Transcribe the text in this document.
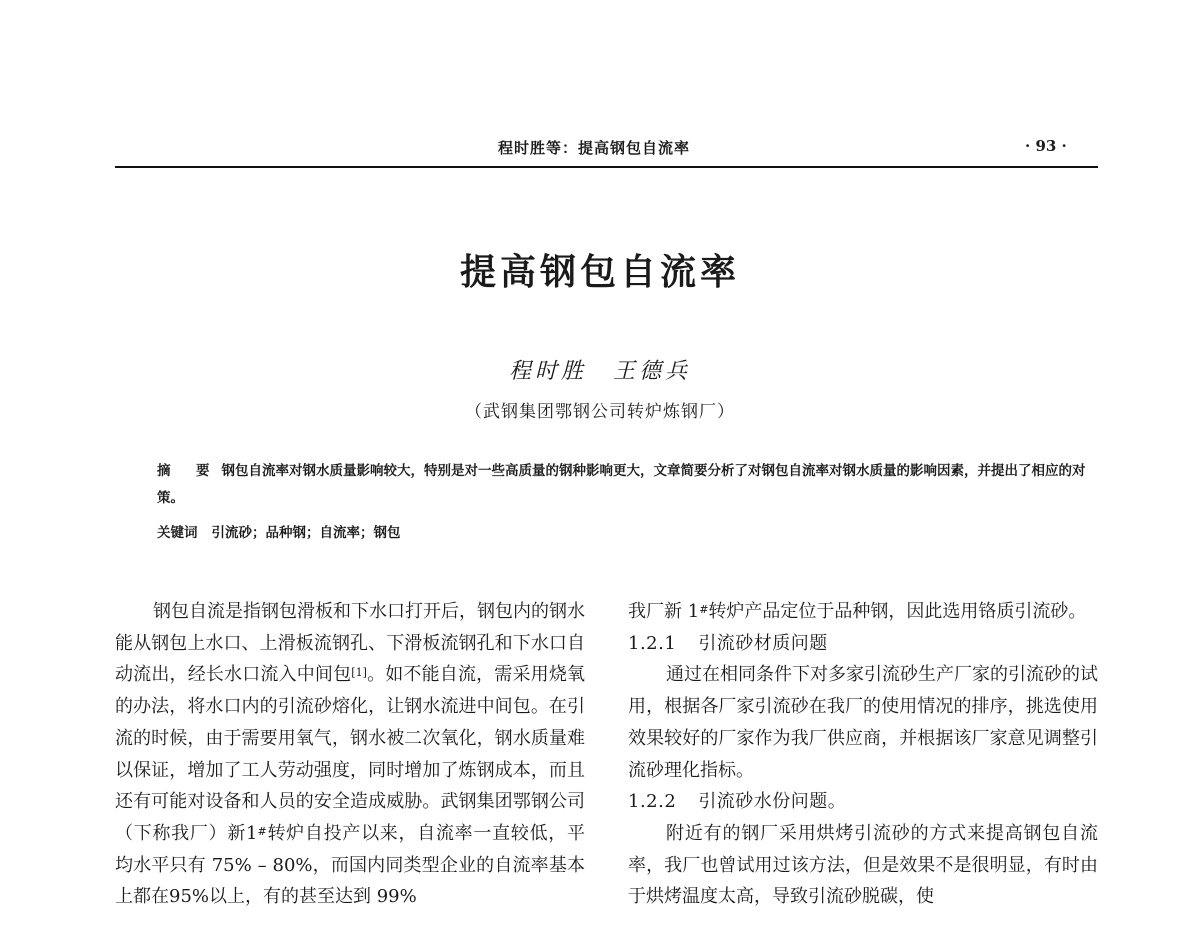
程时胜等：提高钢包自流率	· 93 ·
提高钢包自流率
程时胜　王德兵
（武钢集团鄂钢公司转炉炼钢厂）
摘　要 钢包自流率对钢水质量影响较大，特别是对一些高质量的钢种影响更大，文章简要分析了对钢包自流率对钢水质量的影响因素，并提出了相应的对策。
关键词 引流砂；品种钢；自流率；钢包

钢包自流是指钢包滑板和下水口打开后，钢包内的钢水能从钢包上水口、上滑板流钢孔、下滑板流钢孔和下水口自动流出，经长水口流入中间包[1]。如不能自流，需采用烧氧的办法，将水口内的引流砂熔化，让钢水流进中间包。在引流的时候，由于需要用氧气，钢水被二次氧化，钢水质量难以保证，增加了工人劳动强度，同时增加了炼钢成本，而且还有可能对设备和人员的安全造成威胁。武钢集团鄂钢公司（下称我厂）新1#转炉自投产以来，自流率一直较低，平均水平只有 75% – 80%，而国内同类型企业的自流率基本上都在95%以上，有的甚至达到 99%

我厂新 1#转炉产品定位于品种钢，因此选用铬质引流砂。

1.2.1 引流砂材质问题

通过在相同条件下对多家引流砂生产厂家的引流砂的试用，根据各厂家引流砂在我厂的使用情况的排序，挑选使用效果较好的厂家作为我厂供应商，并根据该厂家意见调整引流砂理化指标。

1.2.2 引流砂水份问题。

附近有的钢厂采用烘烤引流砂的方式来提高钢包自流率，我厂也曾试用过该方法，但是效果不是很明显，有时由于烘烤温度太高，导致引流砂脱碳，使
